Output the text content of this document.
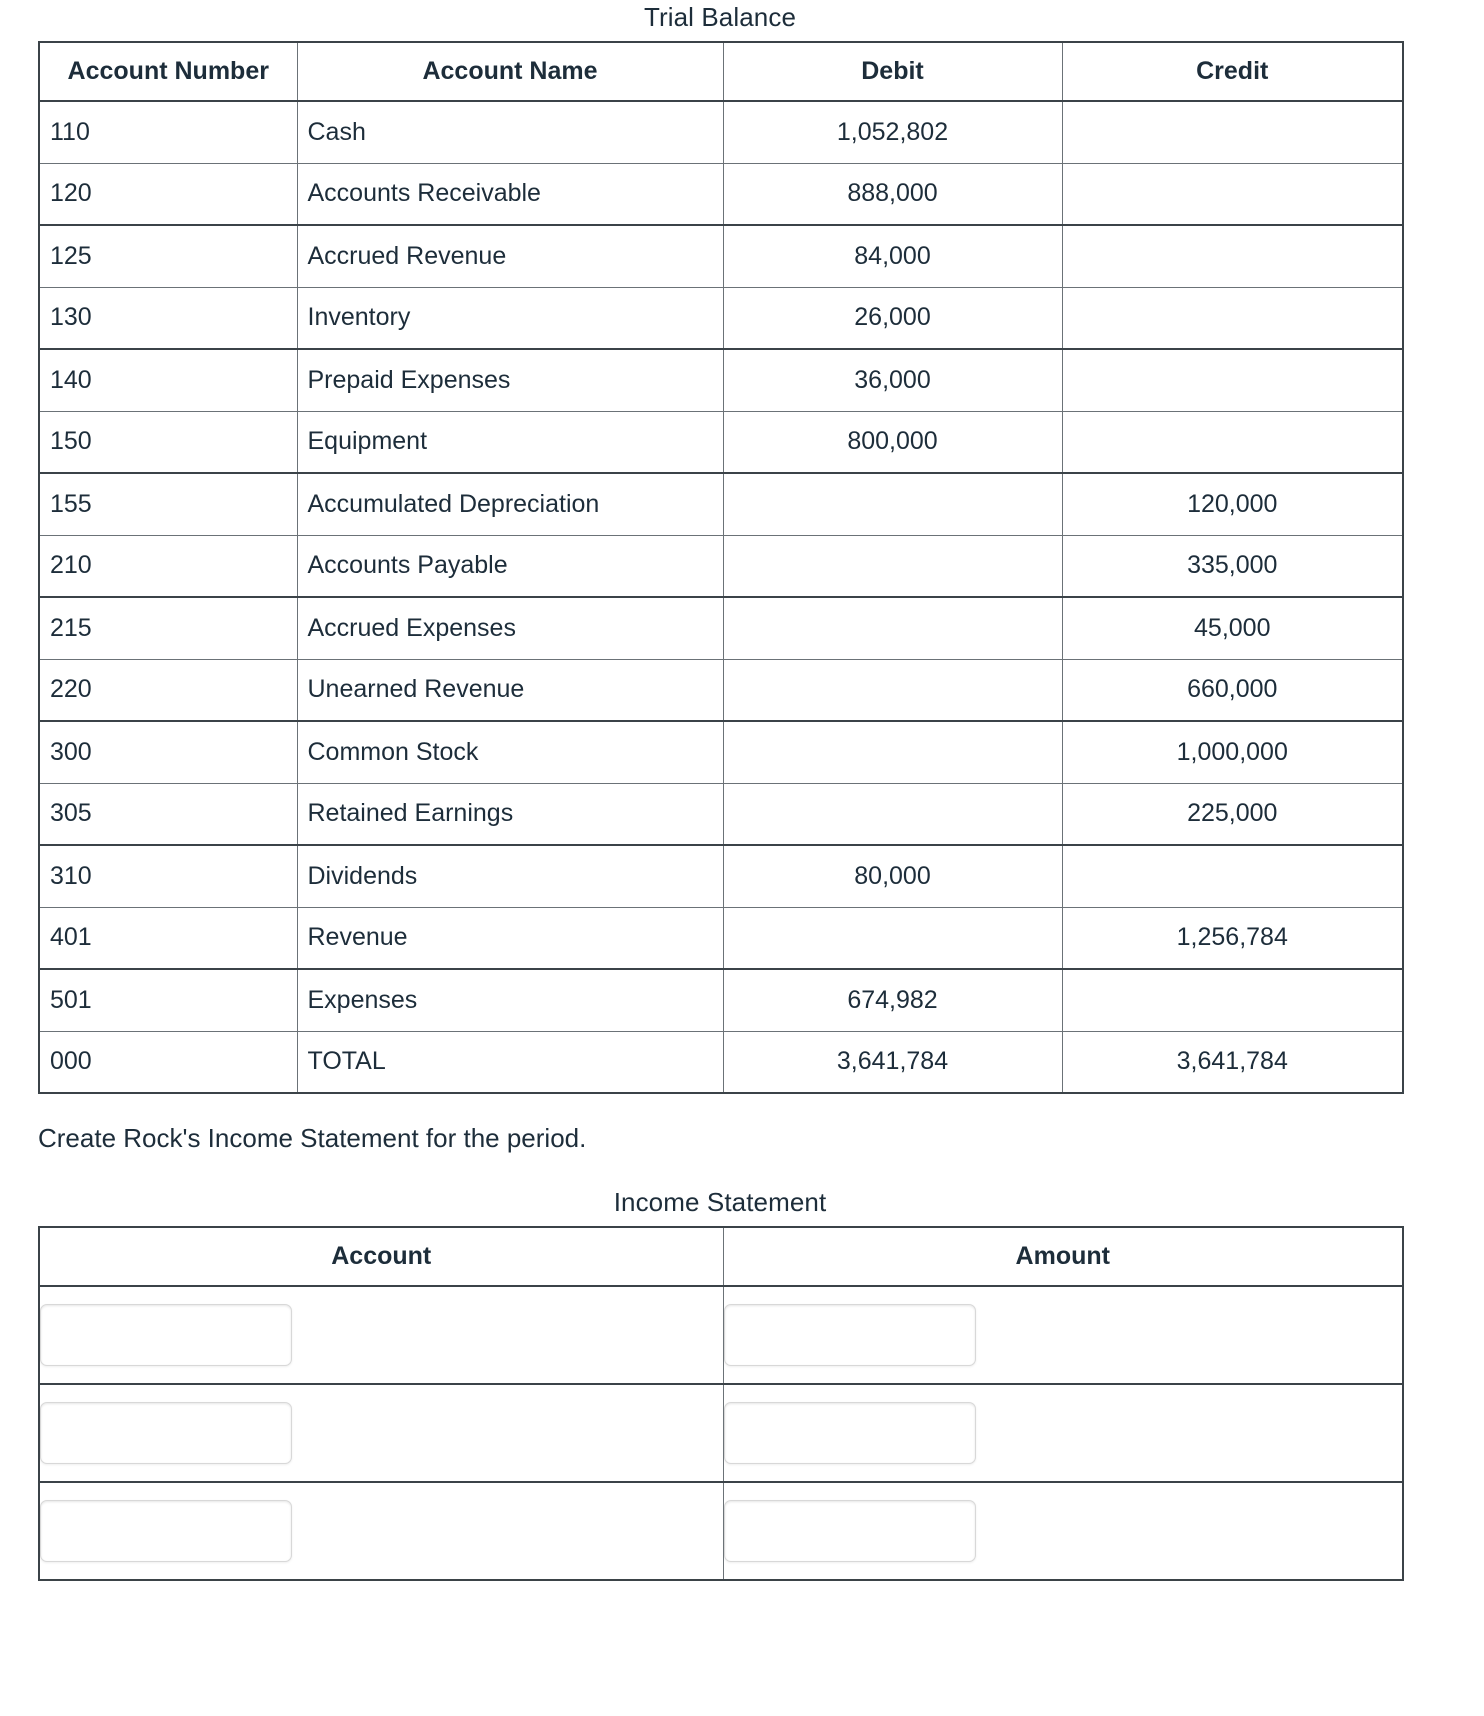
Trial Balance
Account Number	Account Name	Debit	Credit
110	Cash	1,052,802	
120	Accounts Receivable	888,000	
125	Accrued Revenue	84,000	
130	Inventory	26,000	
140	Prepaid Expenses	36,000	
150	Equipment	800,000	
155	Accumulated Depreciation		120,000
210	Accounts Payable		335,000
215	Accrued Expenses		45,000
220	Unearned Revenue		660,000
300	Common Stock		1,000,000
305	Retained Earnings		225,000
310	Dividends	80,000	
401	Revenue		1,256,784
501	Expenses	674,982	
000	TOTAL	3,641,784	3,641,784
Create Rock's Income Statement for the period.
Income Statement
Account	Amount
